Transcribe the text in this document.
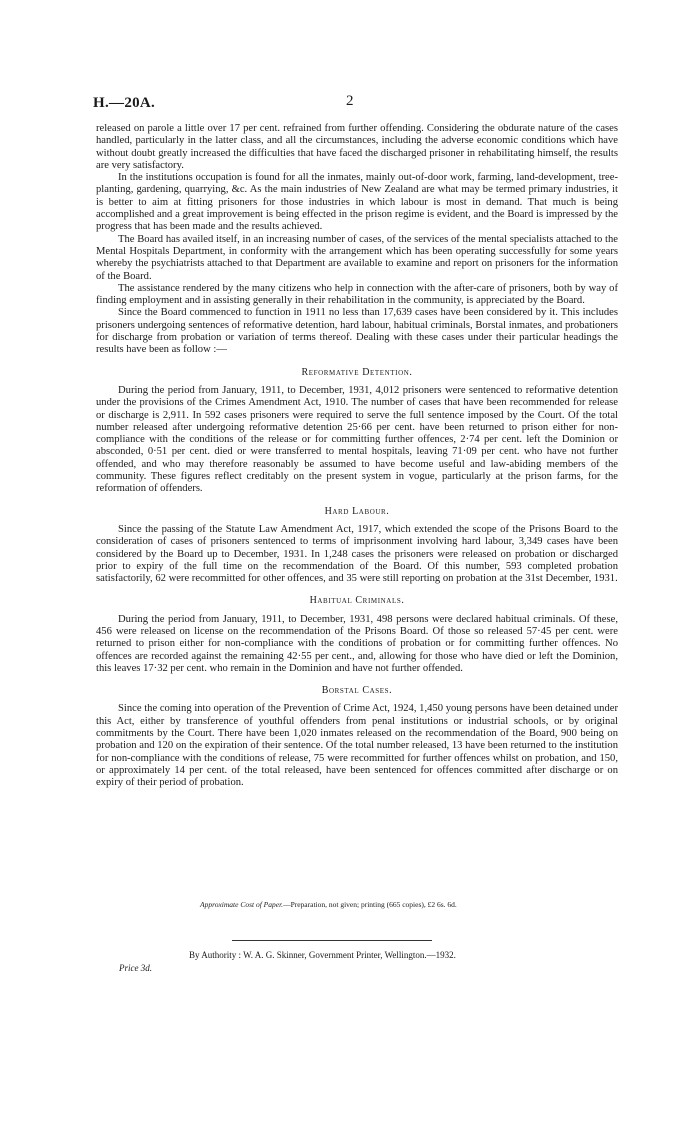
H.—20A.	2

released on parole a little over 17 per cent. refrained from further offending. Considering the obdurate nature of the cases handled, particularly in the latter class, and all the circumstances, including the adverse economic conditions which have without doubt greatly increased the difficulties that have faced the discharged prisoner in rehabilitating himself, the results are very satisfactory.

In the institutions occupation is found for all the inmates, mainly out-of-door work, farming, land-development, tree-planting, gardening, quarrying, &c. As the main industries of New Zealand are what may be termed primary industries, it is better to aim at fitting prisoners for those industries in which labour is most in demand. That much is being accomplished and a great improvement is being effected in the prison regime is evident, and the Board is impressed by the progress that has been made and the results achieved.

The Board has availed itself, in an increasing number of cases, of the services of the mental specialists attached to the Mental Hospitals Department, in conformity with the arrangement which has been operating successfully for some years whereby the psychiatrists attached to that Department are available to examine and report on prisoners for the information of the Board.

The assistance rendered by the many citizens who help in connection with the after-care of prisoners, both by way of finding employment and in assisting generally in their rehabilitation in the community, is appreciated by the Board.

Since the Board commenced to function in 1911 no less than 17,639 cases have been considered by it. This includes prisoners undergoing sentences of reformative detention, hard labour, habitual criminals, Borstal inmates, and probationers for discharge from probation or variation of terms thereof. Dealing with these cases under their particular headings the results have been as follow :—

Reformative Detention.

During the period from January, 1911, to December, 1931, 4,012 prisoners were sentenced to reformative detention under the provisions of the Crimes Amendment Act, 1910. The number of cases that have been recommended for release or discharge is 2,911. In 592 cases prisoners were required to serve the full sentence imposed by the Court. Of the total number released after undergoing reformative detention 25·66 per cent. have been returned to prison either for non-compliance with the conditions of the release or for committing further offences, 2·74 per cent. left the Dominion or absconded, 0·51 per cent. died or were transferred to mental hospitals, leaving 71·09 per cent. who have not further offended, and who may therefore reasonably be assumed to have become useful and law-abiding members of the community. These figures reflect creditably on the present system in vogue, particularly at the prison farms, for the reformation of offenders.

Hard Labour.

Since the passing of the Statute Law Amendment Act, 1917, which extended the scope of the Prisons Board to the consideration of cases of prisoners sentenced to terms of imprisonment involving hard labour, 3,349 cases have been considered by the Board up to December, 1931. In 1,248 cases the prisoners were released on probation or discharged prior to expiry of the full time on the recommendation of the Board. Of this number, 593 completed probation satisfactorily, 62 were recommitted for other offences, and 35 were still reporting on probation at the 31st December, 1931.

Habitual Criminals.

During the period from January, 1911, to December, 1931, 498 persons were declared habitual criminals. Of these, 456 were released on license on the recommendation of the Prisons Board. Of those so released 57·45 per cent. were returned to prison either for non-compliance with the conditions of probation or for committing further offences. No offences are recorded against the remaining 42·55 per cent., and, allowing for those who have died or left the Dominion, this leaves 17·32 per cent. who remain in the Dominion and have not further offended.

Borstal Cases.

Since the coming into operation of the Prevention of Crime Act, 1924, 1,450 young persons have been detained under this Act, either by transference of youthful offenders from penal institutions or industrial schools, or by original commitments by the Court. There have been 1,020 inmates released on the recommendation of the Board, 900 being on probation and 120 on the expiration of their sentence. Of the total number released, 13 have been returned to the institution for non-compliance with the conditions of release, 75 were recommitted for further offences whilst on probation, and 150, or approximately 14 per cent. of the total released, have been sentenced for offences committed after discharge or on expiry of their period of probation.

Approximate Cost of Paper.—Preparation, not given; printing (665 copies), £2 6s. 6d.
By Authority : W. A. G. Skinner, Government Printer, Wellington.—1932.
Price 3d.
